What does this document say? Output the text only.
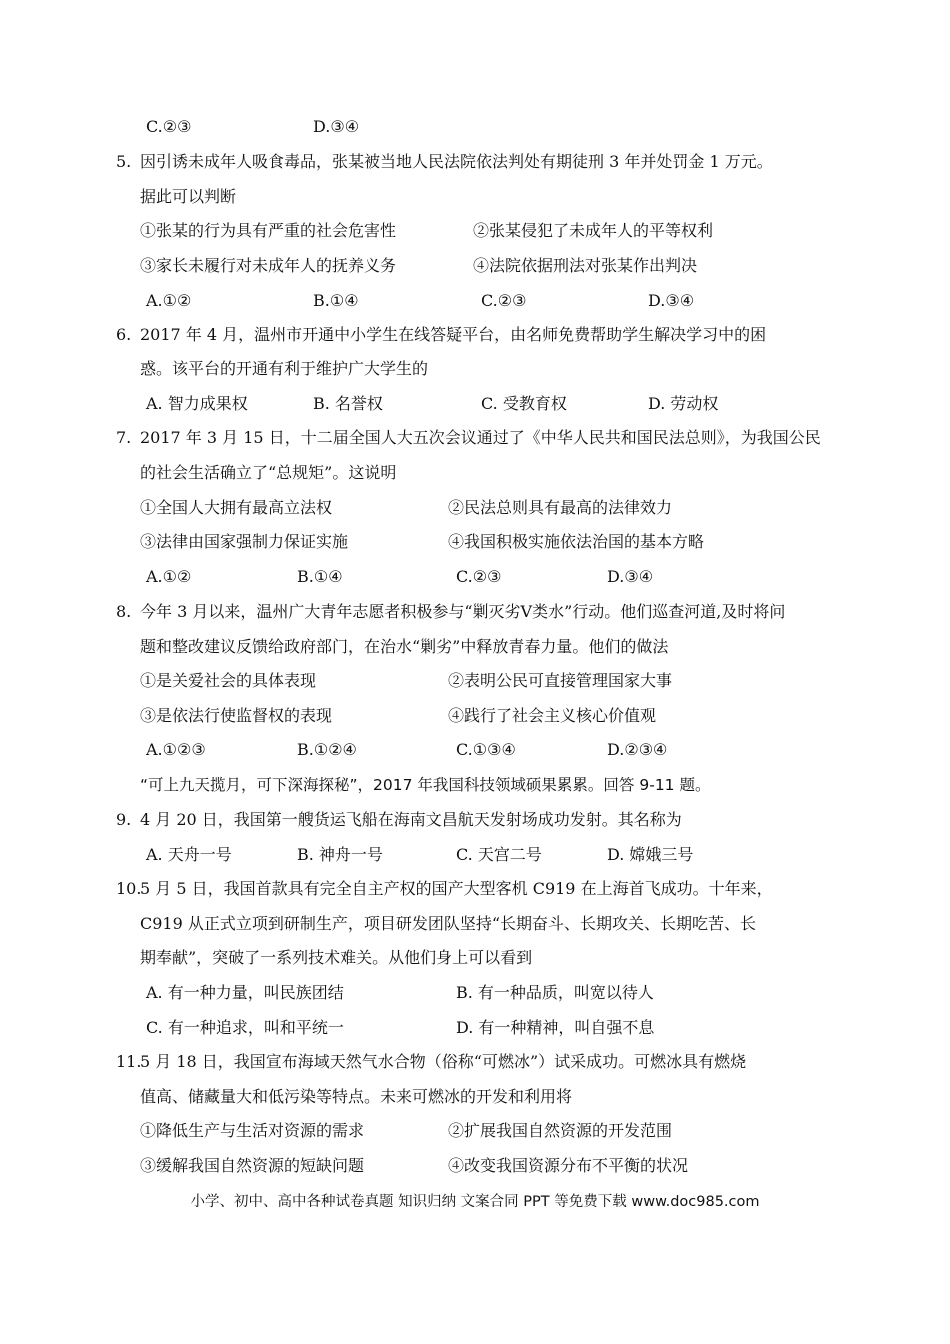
C.②③	D.③④
5. 因引诱未成年人吸食毒品，张某被当地人民法院依法判处有期徒刑 3 年并处罚金 1 万元。
据此可以判断
①张某的行为具有严重的社会危害性	②张某侵犯了未成年人的平等权利
③家长未履行对未成年人的抚养义务	④法院依据刑法对张某作出判决
A.①②	B.①④	C.②③	D.③④
6. 2017 年 4 月，温州市开通中小学生在线答疑平台，由名师免费帮助学生解决学习中的困
惑。该平台的开通有利于维护广大学生的
A. 智力成果权	B. 名誉权	C. 受教育权	D. 劳动权
7. 2017 年 3 月 15 日，十二届全国人大五次会议通过了《中华人民共和国民法总则》，为我国公民
的社会生活确立了“总规矩”。这说明
①全国人大拥有最高立法权	②民法总则具有最高的法律效力
③法律由国家强制力保证实施	④我国积极实施依法治国的基本方略
A.①②	B.①④	C.②③	D.③④
8. 今年 3 月以来，温州广大青年志愿者积极参与“剿灭劣V类水”行动。他们巡查河道,及时将问
题和整改建议反馈给政府部门，在治水“剿劣”中释放青春力量。他们的做法
①是关爱社会的具体表现	②表明公民可直接管理国家大事
③是依法行使监督权的表现	④践行了社会主义核心价值观
A.①②③	B.①②④	C.①③④	D.②③④
“可上九天揽月，可下深海探秘”，2017 年我国科技领域硕果累累。回答 9-11 题。
9. 4 月 20 日，我国第一艘货运飞船在海南文昌航天发射场成功发射。其名称为
A. 天舟一号	B. 神舟一号	C. 天宫二号	D. 嫦娥三号
10.
5 月 5 日，我国首款具有完全自主产权的国产大型客机 C919 在上海首飞成功。十年来，
C919 从正式立项到研制生产，项目研发团队坚持“长期奋斗、长期攻关、长期吃苦、长
期奉献”，突破了一系列技术难关。从他们身上可以看到
A. 有一种力量，叫民族团结	B. 有一种品质，叫宽以待人
C. 有一种追求，叫和平统一	D. 有一种精神，叫自强不息
11.
5 月 18 日，我国宣布海域天然气水合物（俗称“可燃冰”）试采成功。可燃冰具有燃烧
值高、储藏量大和低污染等特点。未来可燃冰的开发和利用将
①降低生产与生活对资源的需求	②扩展我国自然资源的开发范围
③缓解我国自然资源的短缺问题	④改变我国资源分布不平衡的状况
小学、初中、高中各种试卷真题 知识归纳 文案合同 PPT 等免费下载 www.doc985.com
